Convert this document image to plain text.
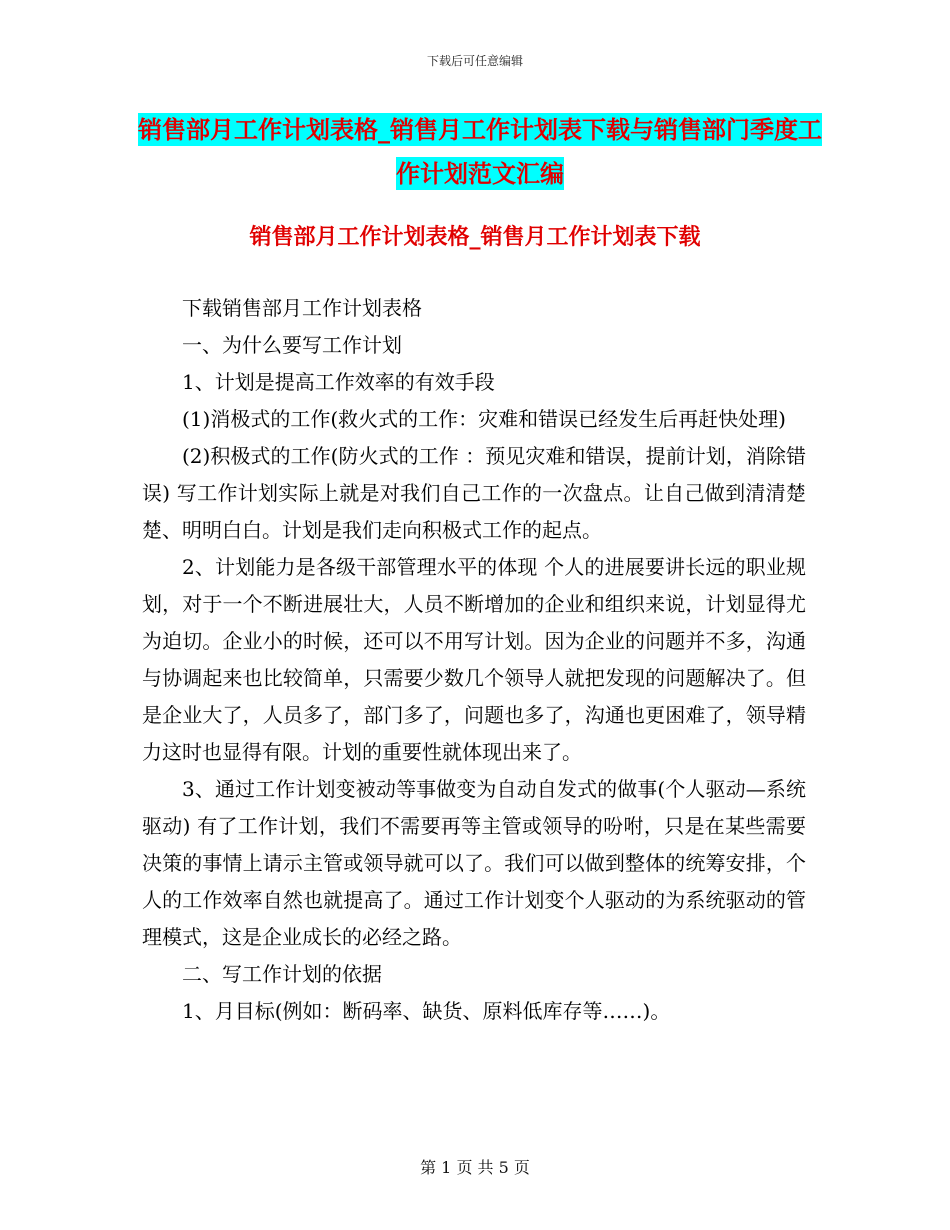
下载后可任意编辑
销售部月工作计划表格_销售月工作计划表下载与销售部门季度工作计划范文汇编
销售部月工作计划表格_销售月工作计划表下载

下载销售部月工作计划表格

一、为什么要写工作计划

1、计划是提高工作效率的有效手段

(1)消极式的工作(救火式的工作：灾难和错误已经发生后再赶快处理)

(2)积极式的工作(防火式的工作 ：预见灾难和错误，提前计划，消除错误) 写工作计划实际上就是对我们自己工作的一次盘点。让自己做到清清楚楚、明明白白。计划是我们走向积极式工作的起点。

2、计划能力是各级干部管理水平的体现 个人的进展要讲长远的职业规划，对于一个不断进展壮大，人员不断增加的企业和组织来说，计划显得尤为迫切。企业小的时候，还可以不用写计划。因为企业的问题并不多，沟通与协调起来也比较简单，只需要少数几个领导人就把发现的问题解决了。但是企业大了，人员多了，部门多了，问题也多了，沟通也更困难了，领导精力这时也显得有限。计划的重要性就体现出来了。

3、通过工作计划变被动等事做变为自动自发式的做事(个人驱动—系统驱动) 有了工作计划，我们不需要再等主管或领导的吩咐，只是在某些需要决策的事情上请示主管或领导就可以了。我们可以做到整体的统筹安排，个人的工作效率自然也就提高了。通过工作计划变个人驱动的为系统驱动的管理模式，这是企业成长的必经之路。

二、写工作计划的依据

1、月目标(例如：断码率、缺货、原料低库存等……)。

第 1 页 共 5 页
